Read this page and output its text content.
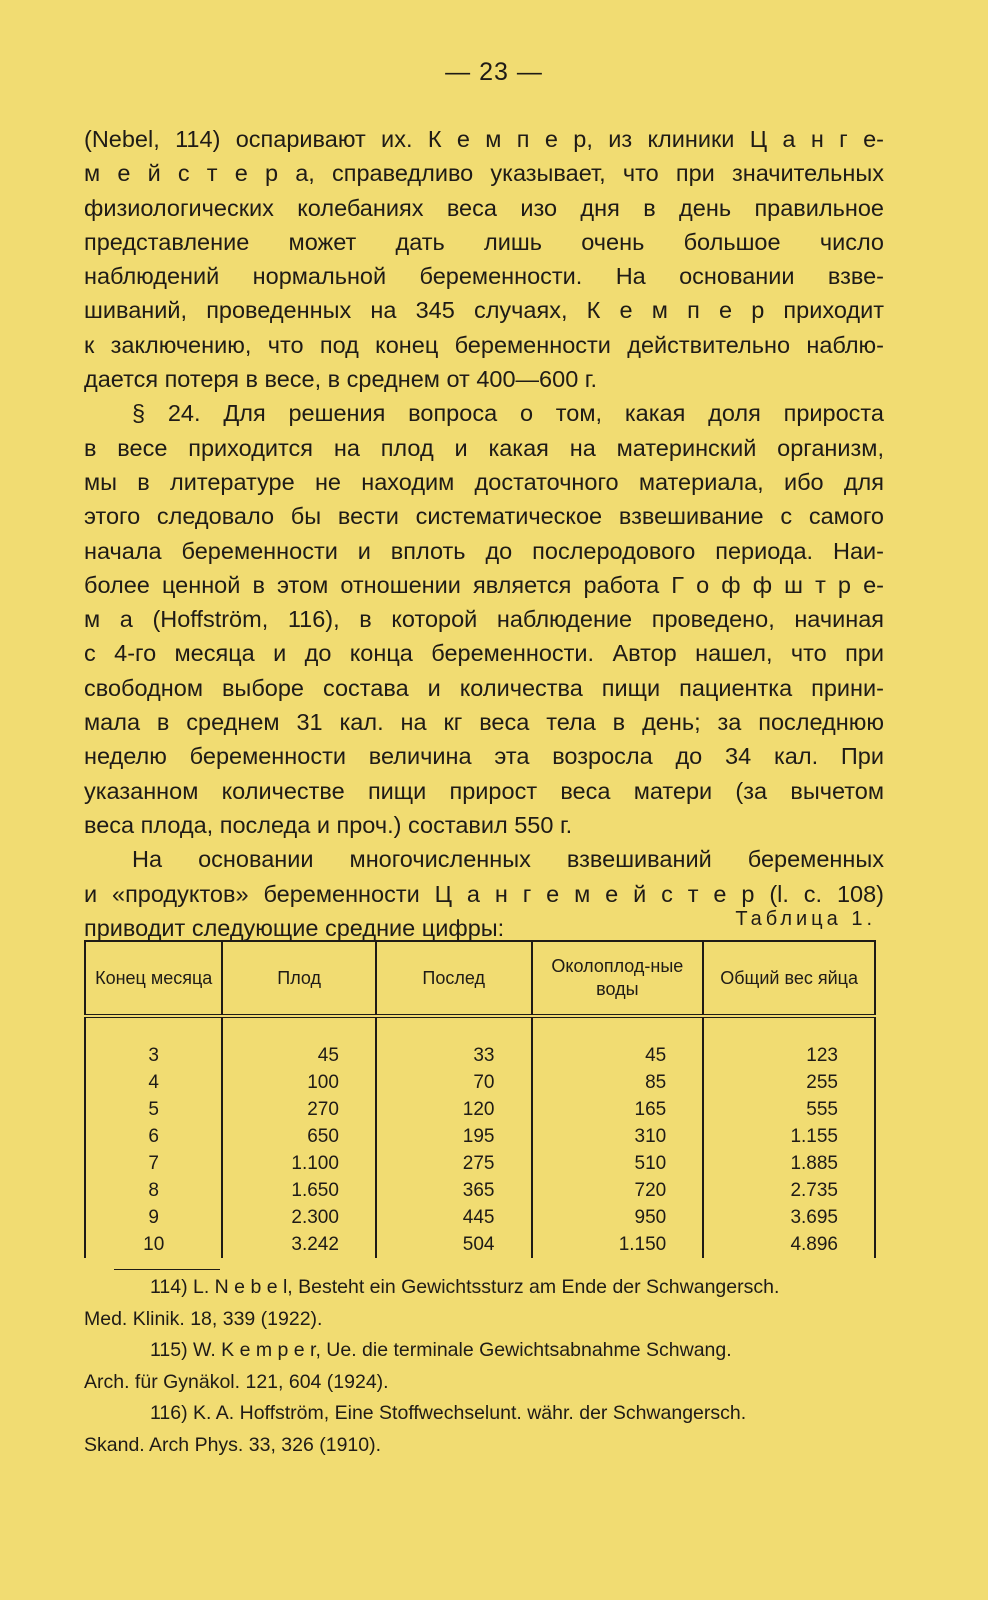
— 23 —
(Nebel, 114) оспаривают их. К е м п е р, из клиники Ц а н г е-
м е й с т е р а, справедливо указывает, что при значительных
физиологических колебаниях веса изо дня в день правильное
представление может дать лишь очень большое число
наблюдений нормальной беременности. На основании взве-
шиваний, проведенных на 345 случаях, К е м п е р приходит
к заключению, что под конец беременности действительно наблю-
дается потеря в весе, в среднем от 400—600 г.
§ 24. Для решения вопроса о том, какая доля прироста
в весе приходится на плод и какая на материнский организм,
мы в литературе не находим достаточного материала, ибо для
этого следовало бы вести систематическое взвешивание с самого
начала беременности и вплоть до послеродового периода. Наи-
более ценной в этом отношении является работа Г о ф ф ш т р е-
м а (Hoffström, 116), в которой наблюдение проведено, начиная
с 4-го месяца и до конца беременности. Автор нашел, что при
свободном выборе состава и количества пищи пациентка прини-
мала в среднем 31 кал. на кг веса тела в день; за последнюю
неделю беременности величина эта возросла до 34 кал. При
указанном количестве пищи прирост веса матери (за вычетом
веса плода, последа и проч.) составил 550 г.
На основании многочисленных взвешиваний беременных
и «продуктов» беременности Ц а н г е м е й с т е р (l. с. 108)
приводит следующие средние цифры:	Таблица 1.
Конец месяца	Плод	Послед	Околоплод-ные воды	Общий вес яйца
3	45	33	45	123
4	100	70	85	255
5	270	120	165	555
6	650	195	310	1.155
7	1.100	275	510	1.885
8	1.650	365	720	2.735
9	2.300	445	950	3.695
10	3.242	504	1.150	4.896
114) L. N e b e l, Besteht ein Gewichtssturz am Ende der Schwangersch.
Med. Klinik. 18, 339 (1922).
115) W. K e m p e r, Ue. die terminale Gewichtsabnahme Schwang.
Arch. für Gynäkol. 121, 604 (1924).
116) K. A. Hoffström, Eine Stoffwechselunt. währ. der Schwangersch.
Skand. Arch Phys. 33, 326 (1910).
